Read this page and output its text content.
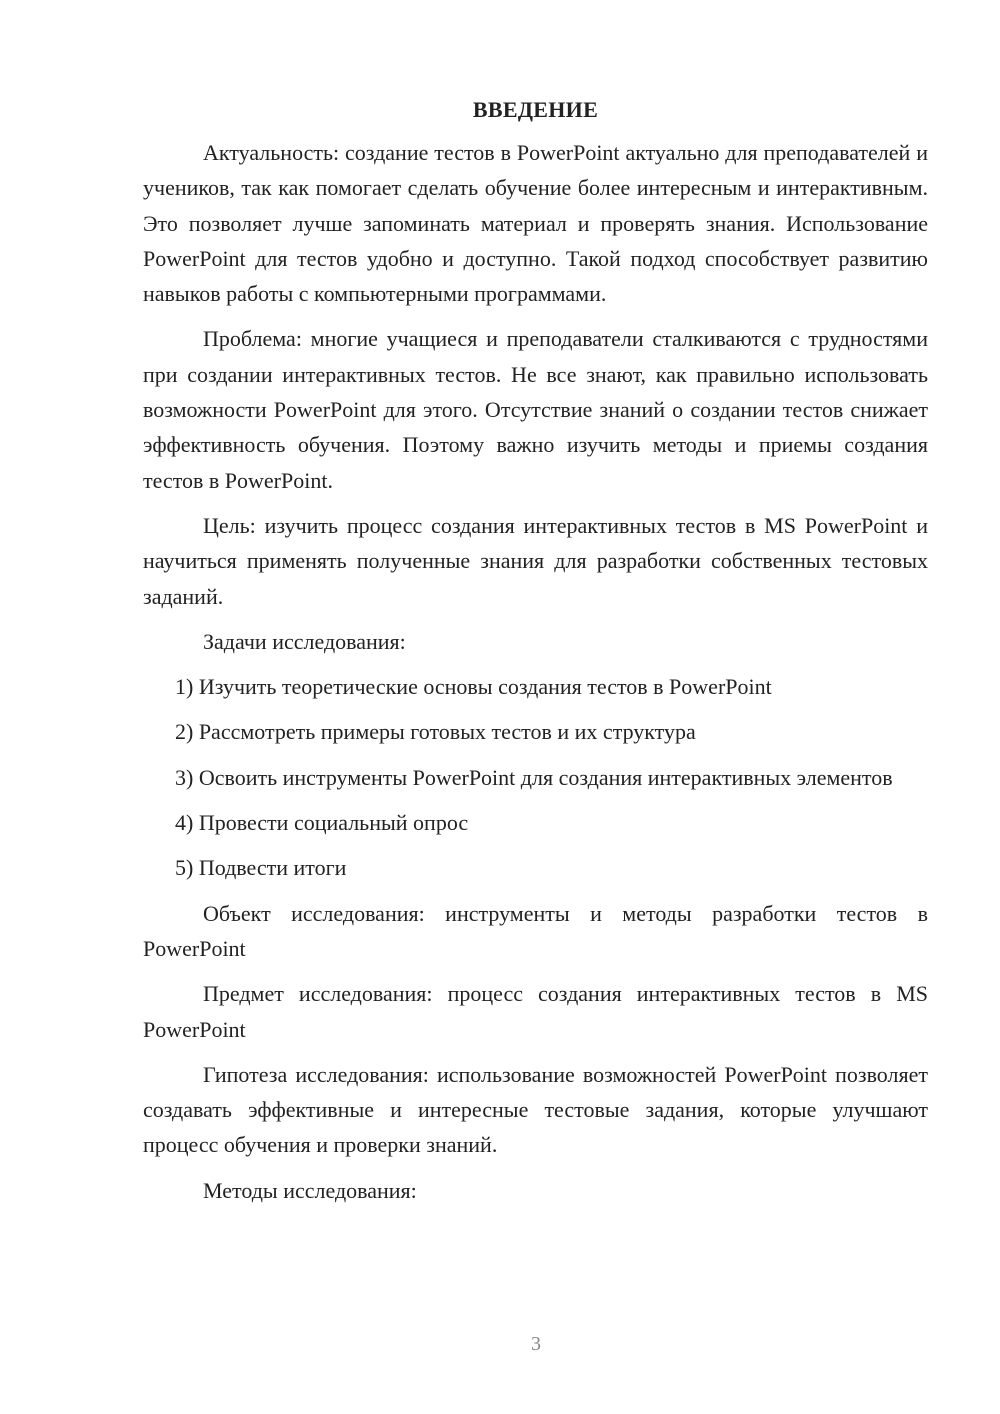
ВВЕДЕНИЕ

Актуальность: создание тестов в PowerPoint актуально для преподавателей и учеников, так как помогает сделать обучение более интересным и интерактивным. Это позволяет лучше запоминать материал и проверять знания. Использование PowerPoint для тестов удобно и доступно. Такой подход способствует развитию навыков работы с компьютерными программами.

Проблема: многие учащиеся и преподаватели сталкиваются с трудностями при создании интерактивных тестов. Не все знают, как правильно использовать возможности PowerPoint для этого. Отсутствие знаний о создании тестов снижает эффективность обучения. Поэтому важно изучить методы и приемы создания тестов в PowerPoint.

Цель: изучить процесс создания интерактивных тестов в MS PowerPoint и научиться применять полученные знания для разработки собственных тестовых заданий.

Задачи исследования:

1) Изучить теоретические основы создания тестов в PowerPoint

2) Рассмотреть примеры готовых тестов и их структура

3) Освоить инструменты PowerPoint для создания интерактивных элементов

4) Провести социальный опрос

5) Подвести итоги

Объект исследования: инструменты и методы разработки тестов в PowerPoint

Предмет исследования: процесс создания интерактивных тестов в MS PowerPoint

Гипотеза исследования: использование возможностей PowerPoint позволяет создавать эффективные и интересные тестовые задания, которые улучшают процесс обучения и проверки знаний.

Методы исследования:

3
